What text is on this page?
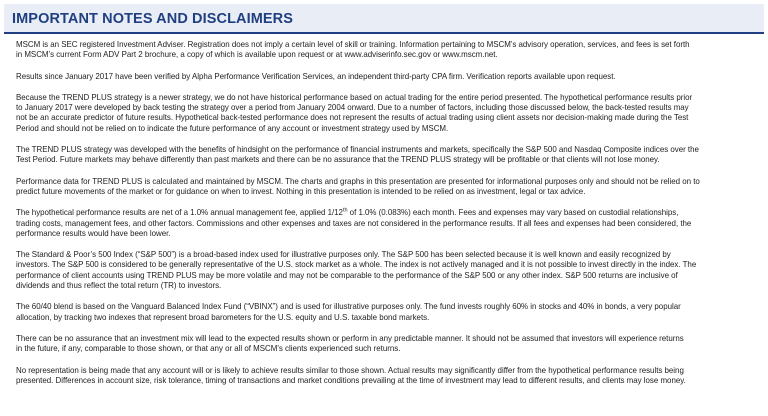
IMPORTANT NOTES AND DISCLAIMERS

MSCM is an SEC registered Investment Adviser. Registration does not imply a certain level of skill or training. Information pertaining to MSCM’s advisory operation, services, and fees is set forth
in MSCM’s current Form ADV Part 2 brochure, a copy of which is available upon request or at www.adviserinfo.sec.gov or www.mscm.net.

Results since January 2017 have been verified by Alpha Performance Verification Services, an independent third-party CPA firm. Verification reports available upon request.

Because the TREND PLUS strategy is a newer strategy, we do not have historical performance based on actual trading for the entire period presented. The hypothetical performance results prior
to January 2017 were developed by back testing the strategy over a period from January 2004 onward. Due to a number of factors, including those discussed below, the back-tested results may
not be an accurate predictor of future results. Hypothetical back-tested performance does not represent the results of actual trading using client assets nor decision-making made during the Test
Period and should not be relied on to indicate the future performance of any account or investment strategy used by MSCM.

The TREND PLUS strategy was developed with the benefits of hindsight on the performance of financial instruments and markets, specifically the S&P 500 and Nasdaq Composite indices over the
Test Period. Future markets may behave differently than past markets and there can be no assurance that the TREND PLUS strategy will be profitable or that clients will not lose money.

Performance data for TREND PLUS is calculated and maintained by MSCM. The charts and graphs in this presentation are presented for informational purposes only and should not be relied on to
predict future movements of the market or for guidance on when to invest. Nothing in this presentation is intended to be relied on as investment, legal or tax advice.

The hypothetical performance results are net of a 1.0% annual management fee, applied 1/12th of 1.0% (0.083%) each month. Fees and expenses may vary based on custodial relationships,
trading costs, management fees, and other factors. Commissions and other expenses and taxes are not considered in the performance results. If all fees and expenses had been considered, the
performance results would have been lower.

The Standard & Poor’s 500 Index (“S&P 500”) is a broad-based index used for illustrative purposes only. The S&P 500 has been selected because it is well known and easily recognized by
investors. The S&P 500 is considered to be generally representative of the U.S. stock market as a whole. The index is not actively managed and it is not possible to invest directly in the index. The
performance of client accounts using TREND PLUS may be more volatile and may not be comparable to the performance of the S&P 500 or any other index. S&P 500 returns are inclusive of
dividends and thus reflect the total return (TR) to investors.

The 60/40 blend is based on the Vanguard Balanced Index Fund (“VBINX”) and is used for illustrative purposes only. The fund invests roughly 60% in stocks and 40% in bonds, a very popular
allocation, by tracking two indexes that represent broad barometers for the U.S. equity and U.S. taxable bond markets.

There can be no assurance that an investment mix will lead to the expected results shown or perform in any predictable manner. It should not be assumed that investors will experience returns
in the future, if any, comparable to those shown, or that any or all of MSCM’s clients experienced such returns.

No representation is being made that any account will or is likely to achieve results similar to those shown. Actual results may significantly differ from the hypothetical performance results being
presented. Differences in account size, risk tolerance, timing of transactions and market conditions prevailing at the time of investment may lead to different results, and clients may lose money.
